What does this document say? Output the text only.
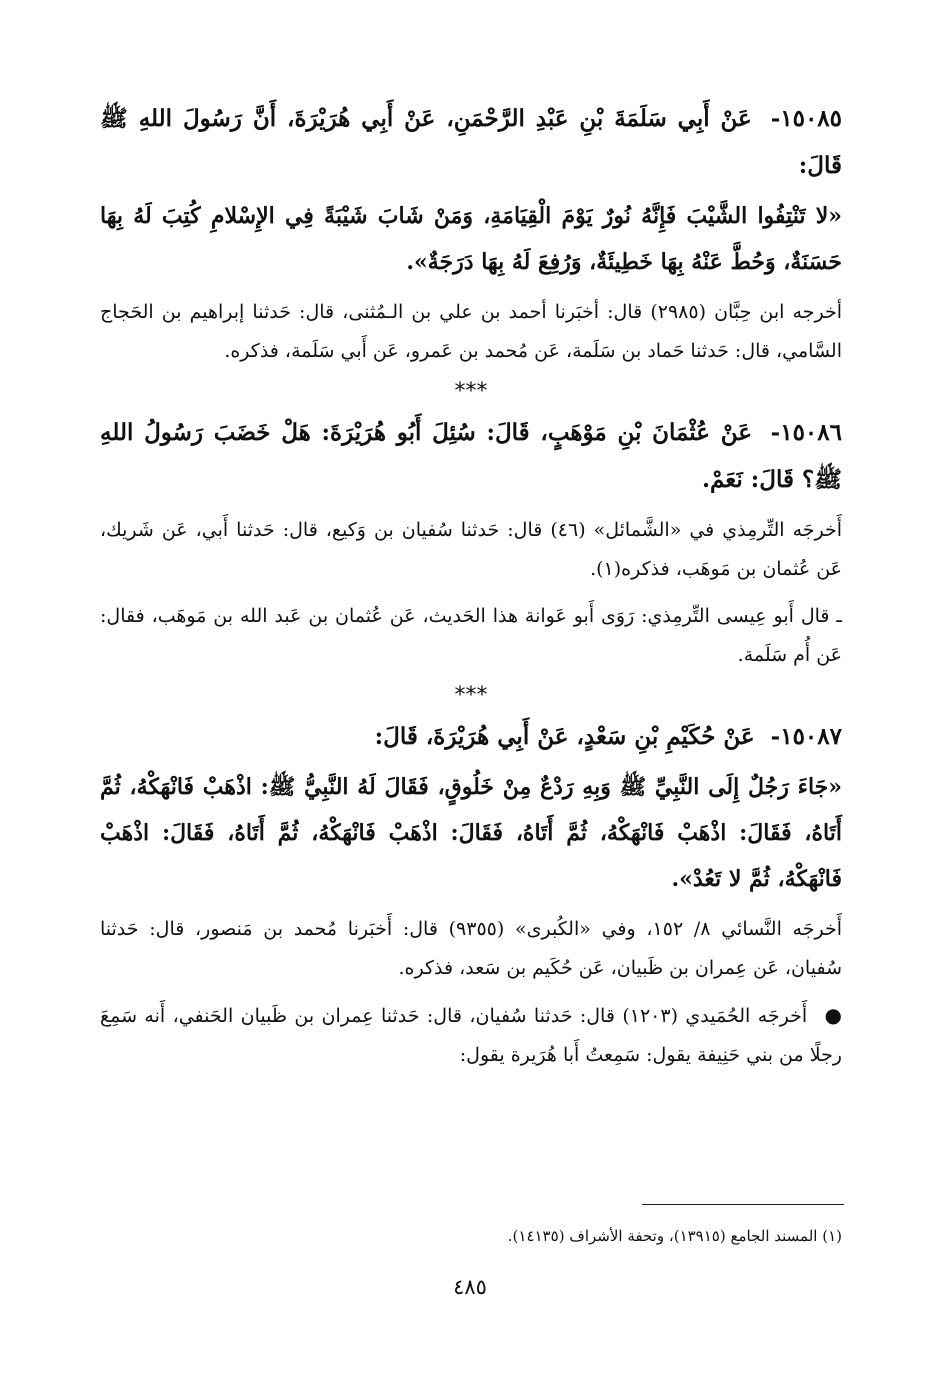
١٥٠٨٥- عَنْ أَبِي سَلَمَةَ بْنِ عَبْدِ الرَّحْمَنِ، عَنْ أَبِي هُرَيْرَةَ، أَنَّ رَسُولَ اللهِ ﷺ قَالَ:

«لا تَنْتِفُوا الشَّيْبَ فَإِنَّهُ نُورٌ يَوْمَ الْقِيَامَةِ، وَمَنْ شَابَ شَيْبَةً فِي الإِسْلامِ كُتِبَ لَهُ بِهَا حَسَنَةٌ، وَحُطَّ عَنْهُ بِهَا خَطِيئَةٌ، وَرُفِعَ لَهُ بِهَا دَرَجَةٌ».

أخرجه ابن حِبَّان (٢٩٨٥) قال: أخبَرنا أحمد بن علي بن الـمُثنى، قال: حَدثنا إبراهيم بن الحَجاج السَّامي، قال: حَدثنا حَماد بن سَلَمة، عَن مُحمد بن عَمرو، عَن أَبي سَلَمة، فذكره.

***

١٥٠٨٦- عَنْ عُثْمَانَ بْنِ مَوْهَبٍ، قَالَ: سُئِلَ أَبُو هُرَيْرَةَ: هَلْ خَضَبَ رَسُولُ اللهِ ﷺ؟ قَالَ: نَعَمْ.

أَخرجَه التِّرمِذي في «الشَّمائل» (٤٦) قال: حَدثنا سُفيان بن وَكيع، قال: حَدثنا أَبي، عَن شَريك، عَن عُثمان بن مَوهَب، فذكره(١).

ـ قال أَبو عِيسى التِّرمِذي: رَوَى أَبو عَوانة هذا الحَديث، عَن عُثمان بن عَبد الله بن مَوهَب، فقال: عَن أُم سَلَمة.

***

١٥٠٨٧- عَنْ حُكَيْمِ بْنِ سَعْدٍ، عَنْ أَبِي هُرَيْرَةَ، قَالَ:

«جَاءَ رَجُلٌ إِلَى النَّبِيِّ ﷺ وَبِهِ رَدْعٌ مِنْ خَلُوقٍ، فَقَالَ لَهُ النَّبِيُّ ﷺ: اذْهَبْ فَانْهَكْهُ، ثُمَّ أَتَاهُ، فَقَالَ: اذْهَبْ فَانْهَكْهُ، ثُمَّ أَتَاهُ، فَقَالَ: اذْهَبْ فَانْهَكْهُ، ثُمَّ أَتَاهُ، فَقَالَ: اذْهَبْ فَانْهَكْهُ، ثُمَّ لا تَعُدْ».

أَخرجَه النَّسائي ٨/ ١٥٢، وفي «الكُبرى» (٩٣٥٥) قال: أَخبَرنا مُحمد بن مَنصور، قال: حَدثنا سُفيان، عَن عِمران بن ظَبيان، عَن حُكَيم بن سَعد، فذكره.

● أَخرجَه الحُمَيدي (١٢٠٣) قال: حَدثنا سُفيان، قال: حَدثنا عِمران بن ظَبيان الحَنفي، أَنه سَمِعَ رجلًا من بني حَنِيفة يقول: سَمِعتُ أَبا هُرَيرة يقول:

(١) المسند الجامع (١٣٩١٥)، وتحفة الأشراف (١٤١٣٥).
٤٨٥
